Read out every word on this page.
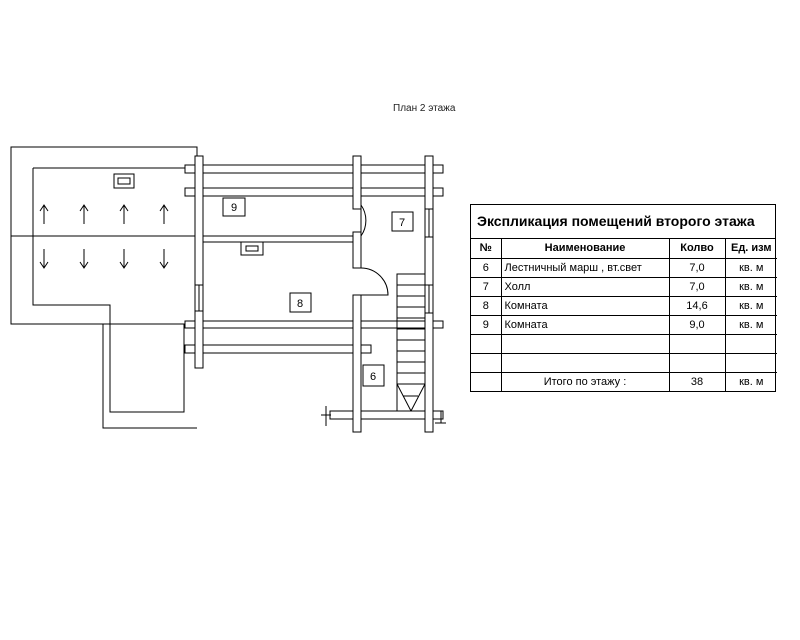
План 2 этажа
9
7
8
6
Экспликация помещений второго этажа
№	Наименование	Колво	Ед. изм
6	Лестничный марш , вт.свет	7,0	кв. м
7	Холл	7,0	кв. м
8	Комната	14,6	кв. м
9	Комната	9,0	кв. м

	Итого по этажу :	38	кв. м
